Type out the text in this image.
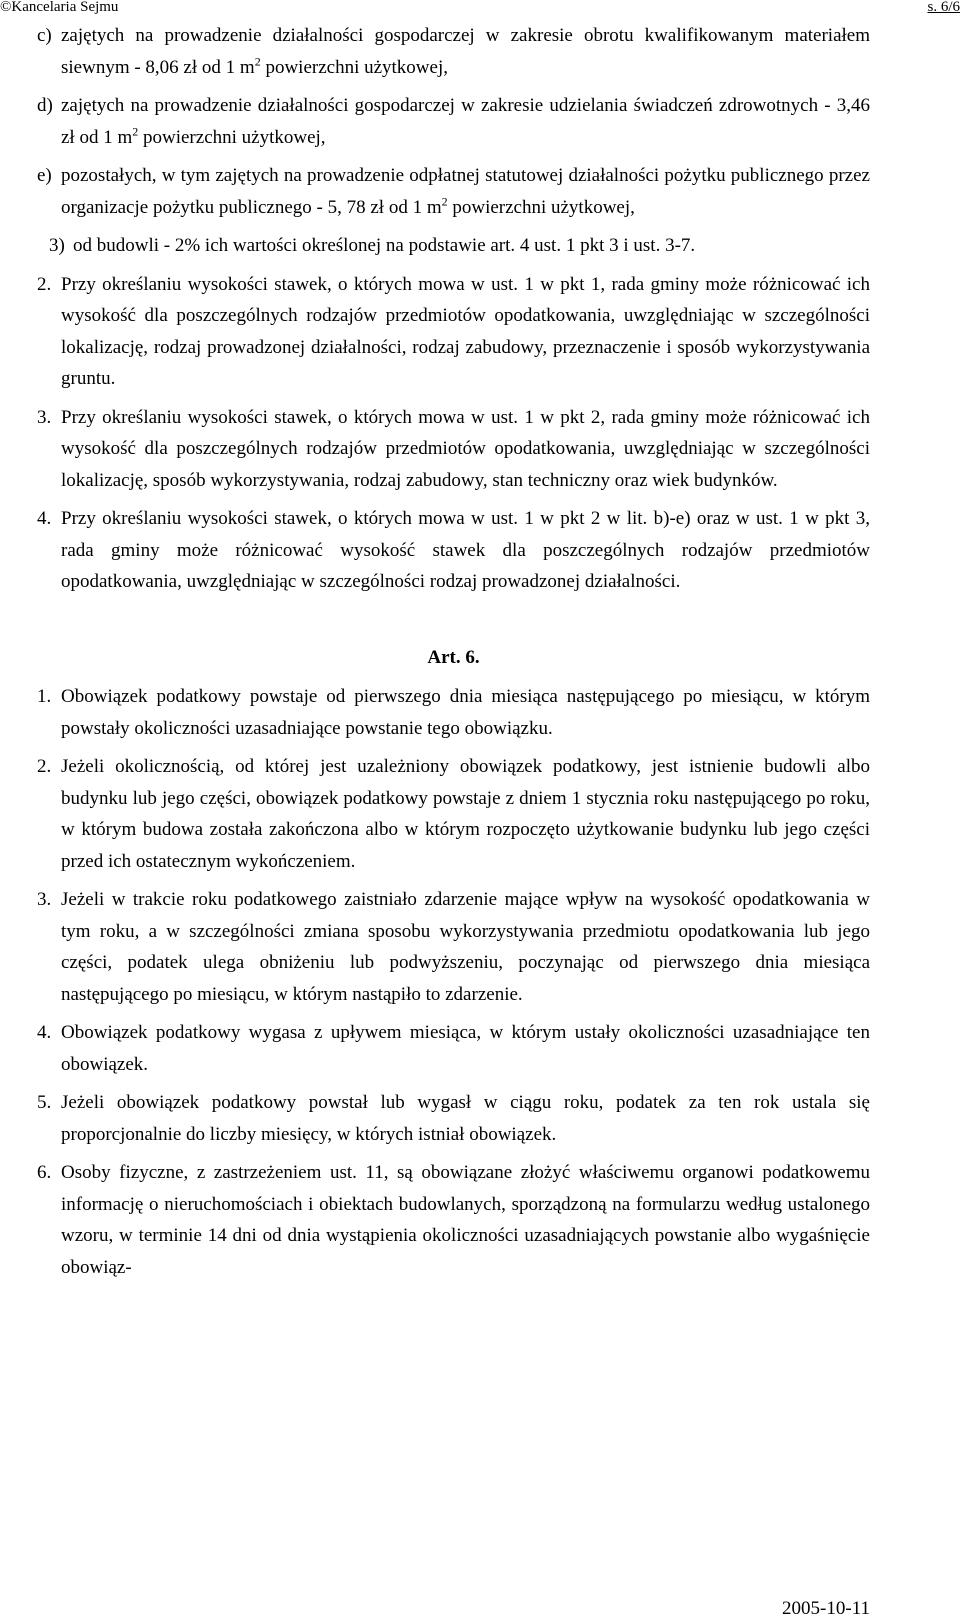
©Kancelaria Sejmu	s. 6/6
c) zajętych na prowadzenie działalności gospodarczej w zakresie obrotu kwalifikowanym materiałem siewnym - 8,06 zł od 1 $m^2$ powierzchni użytkowej,
d) zajętych na prowadzenie działalności gospodarczej w zakresie udzielania świadczeń zdrowotnych - 3,46 zł od 1 $m^2$ powierzchni użytkowej,
e) pozostałych, w tym zajętych na prowadzenie odpłatnej statutowej działalności pożytku publicznego przez organizacje pożytku publicznego - 5, 78 zł od 1 $m^2$ powierzchni użytkowej,
3) od budowli - 2% ich wartości określonej na podstawie art. 4 ust. 1 pkt 3 i ust. 3-7.
2. Przy określaniu wysokości stawek, o których mowa w ust. 1 w pkt 1, rada gminy może różnicować ich wysokość dla poszczególnych rodzajów przedmiotów opodatkowania, uwzględniając w szczególności lokalizację, rodzaj prowadzonej działalności, rodzaj zabudowy, przeznaczenie i sposób wykorzystywania gruntu.
3. Przy określaniu wysokości stawek, o których mowa w ust. 1 w pkt 2, rada gminy może różnicować ich wysokość dla poszczególnych rodzajów przedmiotów opodatkowania, uwzględniając w szczególności lokalizację, sposób wykorzystywania, rodzaj zabudowy, stan techniczny oraz wiek budynków.
4. Przy określaniu wysokości stawek, o których mowa w ust. 1 w pkt 2 w lit. b)-e) oraz w ust. 1 w pkt 3, rada gminy może różnicować wysokość stawek dla poszczególnych rodzajów przedmiotów opodatkowania, uwzględniając w szczególności rodzaj prowadzonej działalności.
Art. 6.
1. Obowiązek podatkowy powstaje od pierwszego dnia miesiąca następującego po miesiącu, w którym powstały okoliczności uzasadniające powstanie tego obowiązku.
2. Jeżeli okolicznością, od której jest uzależniony obowiązek podatkowy, jest istnienie budowli albo budynku lub jego części, obowiązek podatkowy powstaje z dniem 1 stycznia roku następującego po roku, w którym budowa została zakończona albo w którym rozpoczęto użytkowanie budynku lub jego części przed ich ostatecznym wykończeniem.
3. Jeżeli w trakcie roku podatkowego zaistniało zdarzenie mające wpływ na wysokość opodatkowania w tym roku, a w szczególności zmiana sposobu wykorzystywania przedmiotu opodatkowania lub jego części, podatek ulega obniżeniu lub podwyższeniu, poczynając od pierwszego dnia miesiąca następującego po miesiącu, w którym nastąpiło to zdarzenie.
4. Obowiązek podatkowy wygasa z upływem miesiąca, w którym ustały okoliczności uzasadniające ten obowiązek.
5. Jeżeli obowiązek podatkowy powstał lub wygasł w ciągu roku, podatek za ten rok ustala się proporcjonalnie do liczby miesięcy, w których istniał obowiązek.
6. Osoby fizyczne, z zastrzeżeniem ust. 11, są obowiązane złożyć właściwemu organowi podatkowemu informację o nieruchomościach i obiektach budowlanych, sporządzoną na formularzu według ustalonego wzoru, w terminie 14 dni od dnia wystąpienia okoliczności uzasadniających powstanie albo wygaśnięcie obowiąz-
2005-10-11
